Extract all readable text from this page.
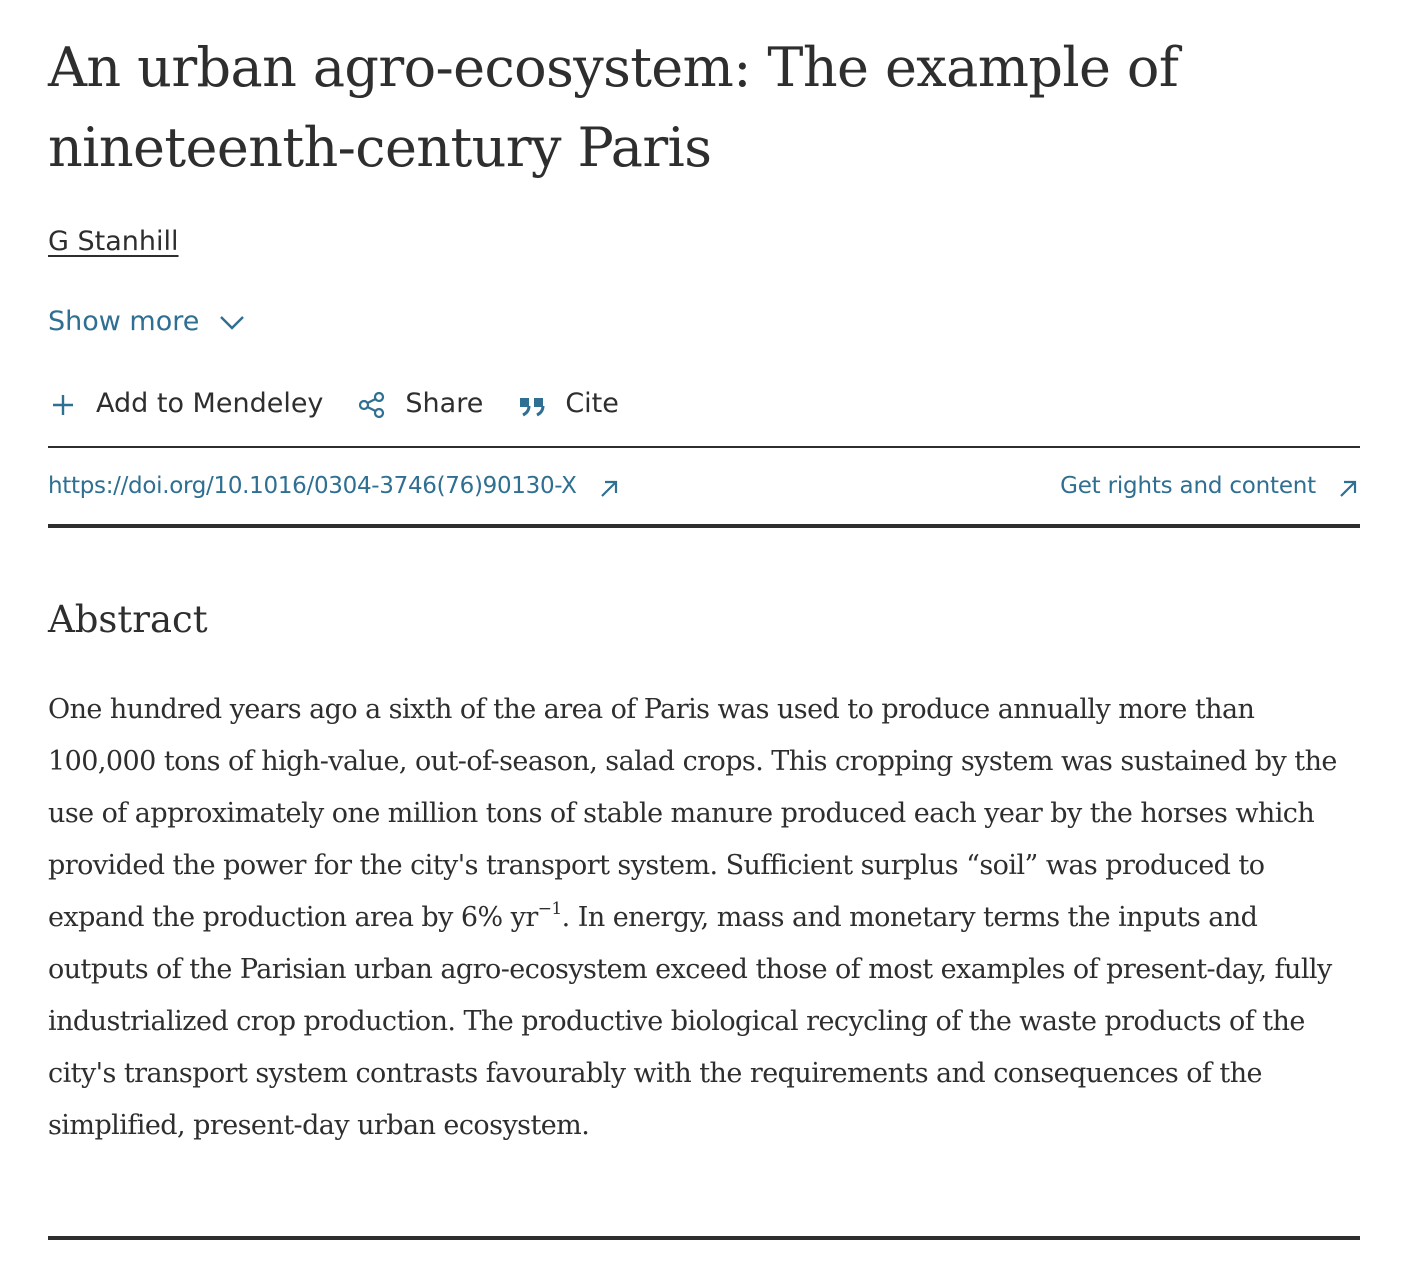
An urban agro-ecosystem: The example of nineteenth-century Paris
G Stanhill
Show more
Add to Mendeley	Share	Cite
https://doi.org/10.1016/0304-3746(76)90130-X	Get rights and content
Abstract

One hundred years ago a sixth of the area of Paris was used to produce annually more than 100,000 tons of high-value, out-of-season, salad crops. This cropping system was sustained by the use of approximately one million tons of stable manure produced each year by the horses which provided the power for the city's transport system. Sufficient surplus “soil” was produced to expand the production area by 6% $yr^{-1}$. In energy, mass and monetary terms the inputs and outputs of the Parisian urban agro-ecosystem exceed those of most examples of present-day, fully industrialized crop production. The productive biological recycling of the waste products of the city's transport system contrasts favourably with the requirements and consequences of the simplified, present-day urban ecosystem.
